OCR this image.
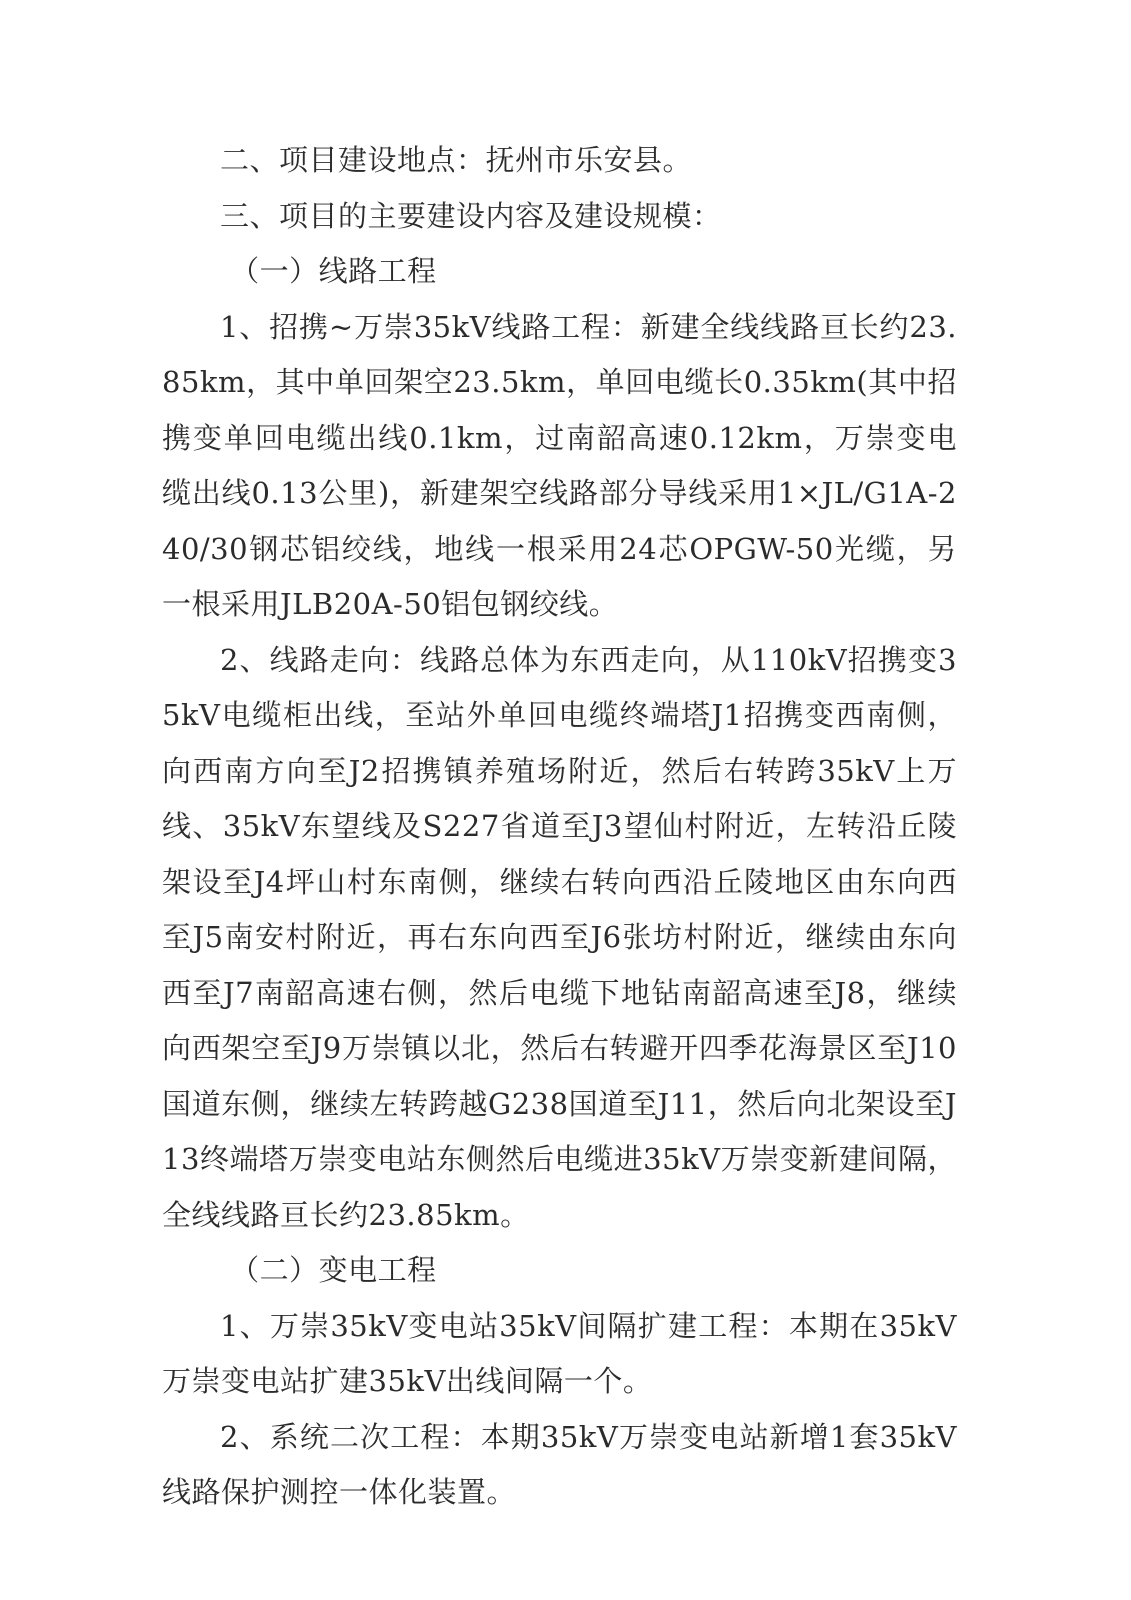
二、项目建设地点：抚州市乐安县。

三、项目的主要建设内容及建设规模：

（一）线路工程

1、招携~万崇35kV线路工程：新建全线线路亘长约23.85km，其中单回架空23.5km，单回电缆长0.35km(其中招携变单回电缆出线0.1km，过南韶高速0.12km，万崇变电缆出线0.13公里)，新建架空线路部分导线采用1×JL/G1A-240/30钢芯铝绞线，地线一根采用24芯OPGW-50光缆，另一根采用JLB20A-50铝包钢绞线。

2、线路走向：线路总体为东西走向，从110kV招携变35kV电缆柜出线，至站外单回电缆终端塔J1招携变西南侧，向西南方向至J2招携镇养殖场附近，然后右转跨35kV上万线、35kV东望线及S227省道至J3望仙村附近，左转沿丘陵架设至J4坪山村东南侧，继续右转向西沿丘陵地区由东向西至J5南安村附近，再右东向西至J6张坊村附近，继续由东向西至J7南韶高速右侧，然后电缆下地钻南韶高速至J8，继续向西架空至J9万崇镇以北，然后右转避开四季花海景区至J10国道东侧，继续左转跨越G238国道至J11，然后向北架设至J13终端塔万崇变电站东侧然后电缆进35kV万崇变新建间隔，全线线路亘长约23.85km。

（二）变电工程

1、万崇35kV变电站35kV间隔扩建工程：本期在35kV万崇变电站扩建35kV出线间隔一个。

2、系统二次工程：本期35kV万崇变电站新增1套35kV线路保护测控一体化装置。
